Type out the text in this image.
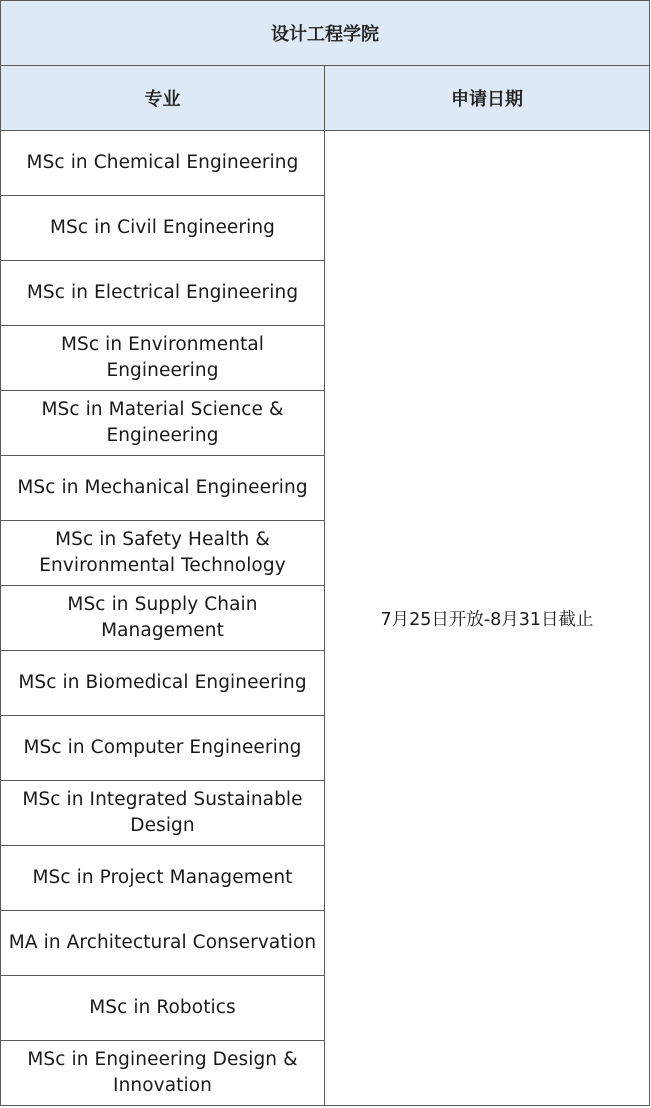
设计工程学院	
专业	申请日期
MSc in Chemical Engineering	7月25日开放-8月31日截止
MSc in Civil Engineering	
MSc in Electrical Engineering	
MSc in Environmental Engineering	
MSc in Material Science & Engineering	
MSc in Mechanical Engineering	
MSc in Safety Health & Environmental Technology	
MSc in Supply Chain Management	
MSc in Biomedical Engineering	
MSc in Computer Engineering	
MSc in Integrated Sustainable Design	
MSc in Project Management	
MA in Architectural Conservation	
MSc in Robotics	
MSc in Engineering Design & Innovation	
